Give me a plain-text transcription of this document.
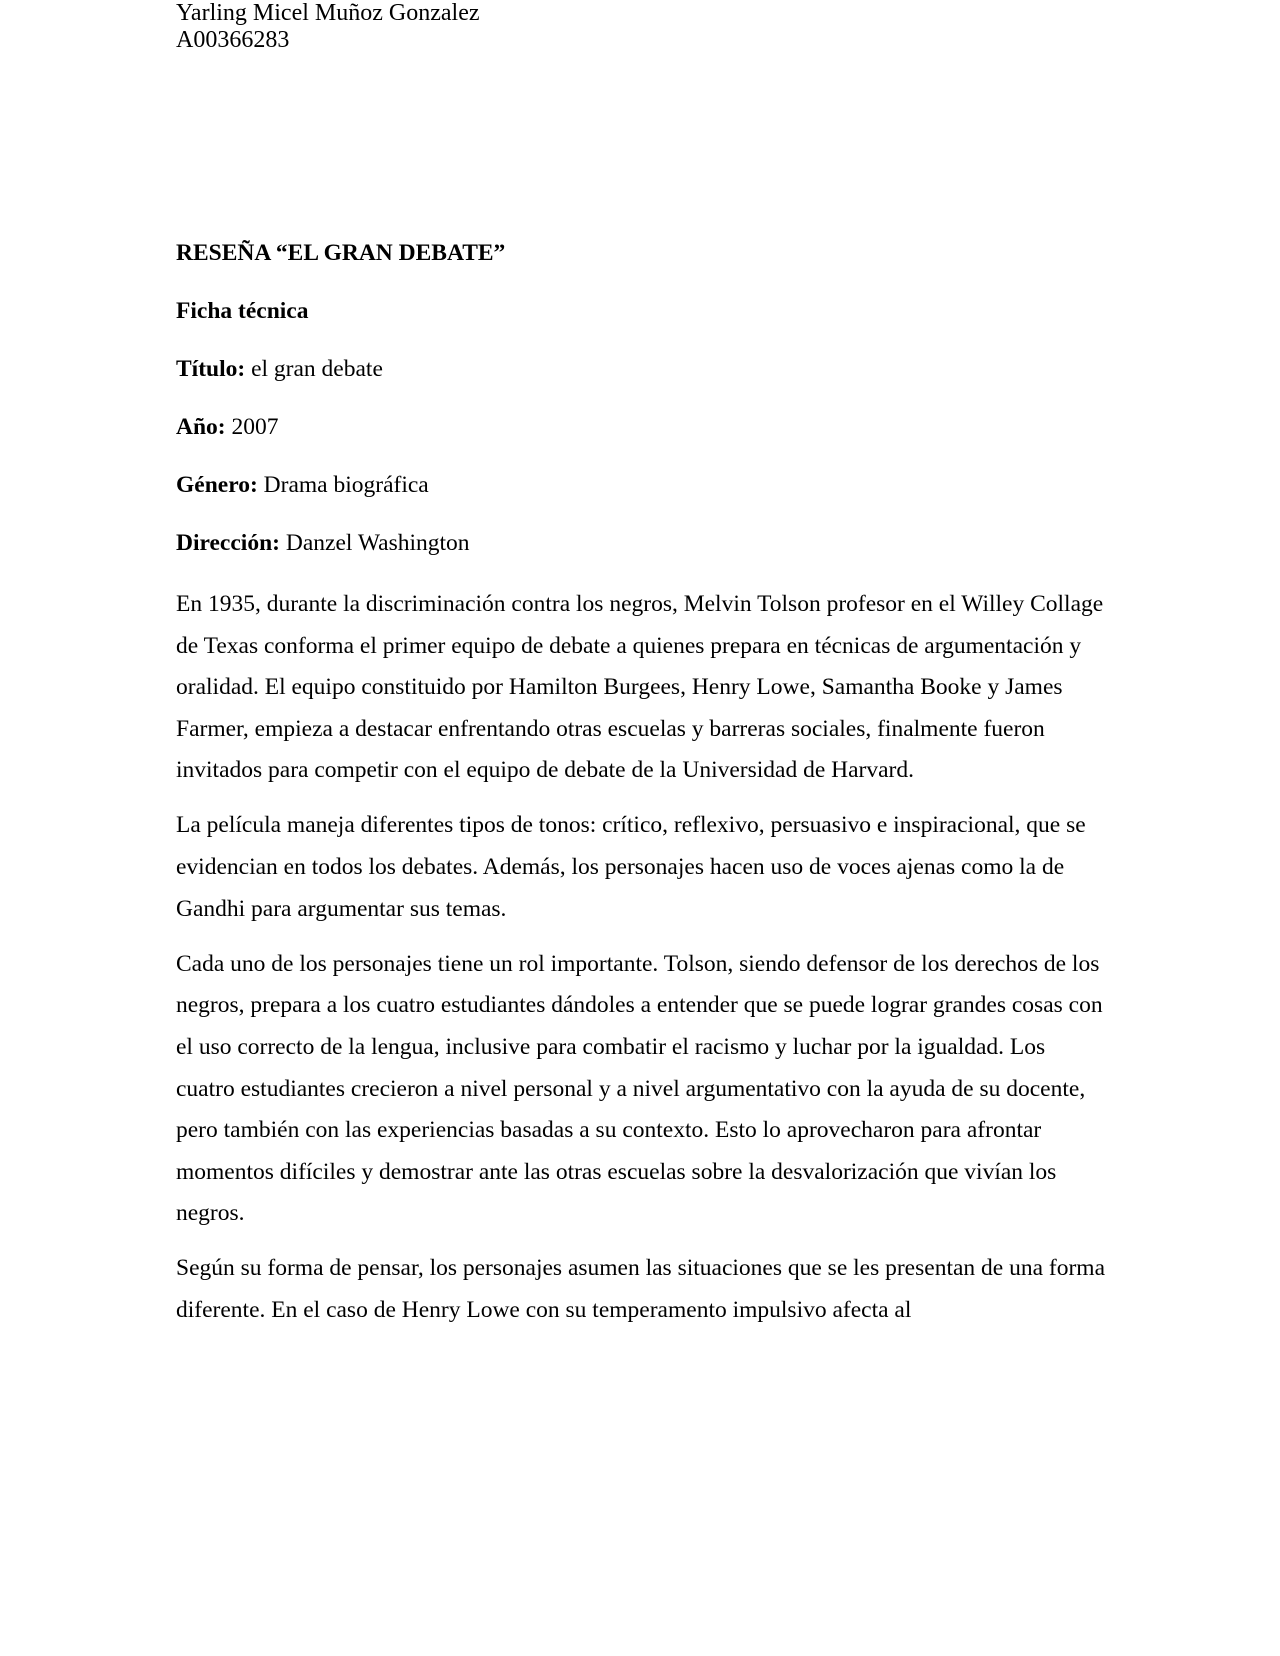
Yarling Micel Muñoz Gonzalez
A00366283
RESEÑA “EL GRAN DEBATE”
Ficha técnica
Título: el gran debate
Año: 2007
Género: Drama biográfica
Dirección: Danzel Washington

En 1935, durante la discriminación contra los negros, Melvin Tolson profesor en el Willey Collage de Texas conforma el primer equipo de debate a quienes prepara en técnicas de argumentación y oralidad. El equipo constituido por Hamilton Burgees, Henry Lowe, Samantha Booke y James Farmer, empieza a destacar enfrentando otras escuelas y barreras sociales, finalmente fueron invitados para competir con el equipo de debate de la Universidad de Harvard.

La película maneja diferentes tipos de tonos: crítico, reflexivo, persuasivo e inspiracional, que se evidencian en todos los debates. Además, los personajes hacen uso de voces ajenas como la de Gandhi para argumentar sus temas.

Cada uno de los personajes tiene un rol importante. Tolson, siendo defensor de los derechos de los negros, prepara a los cuatro estudiantes dándoles a entender que se puede lograr grandes cosas con el uso correcto de la lengua, inclusive para combatir el racismo y luchar por la igualdad. Los cuatro estudiantes crecieron a nivel personal y a nivel argumentativo con la ayuda de su docente, pero también con las experiencias basadas a su contexto. Esto lo aprovecharon para afrontar momentos difíciles y demostrar ante las otras escuelas sobre la desvalorización que vivían los negros.

Según su forma de pensar, los personajes asumen las situaciones que se les presentan de una forma diferente. En el caso de Henry Lowe con su temperamento impulsivo afecta al
